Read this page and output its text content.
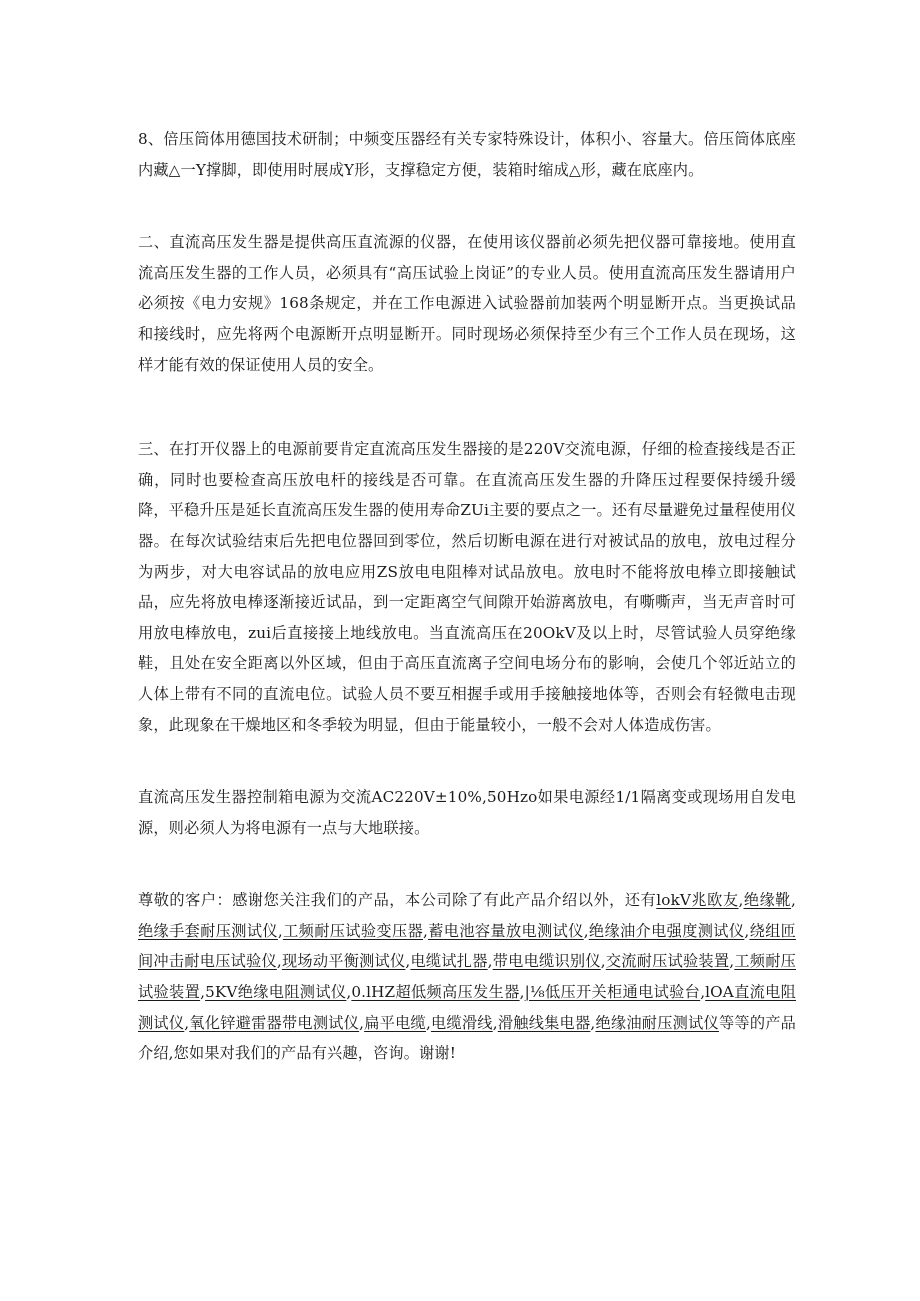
8、倍压筒体用德国技术研制；中频变压器经有关专家特殊设计，体积小、容量大。倍压筒体底座内藏△一Y撑脚，即使用时展成Y形，支撑稳定方便，装箱时缩成△形，藏在底座内。

二、直流高压发生器是提供高压直流源的仪器，在使用该仪器前必须先把仪器可靠接地。使用直流高压发生器的工作人员，必须具有“高压试验上岗证”的专业人员。使用直流高压发生器请用户必须按《电力安规》168条规定，并在工作电源进入试验器前加装两个明显断开点。当更换试品和接线时，应先将两个电源断开点明显断开。同时现场必须保持至少有三个工作人员在现场，这样才能有效的保证使用人员的安全。

三、在打开仪器上的电源前要肯定直流高压发生器接的是220V交流电源，仔细的检查接线是否正确，同时也要检查高压放电杆的接线是否可靠。在直流高压发生器的升降压过程要保持缓升缓降，平稳升压是延长直流高压发生器的使用寿命ZUi主要的要点之一。还有尽量避免过量程使用仪器。在每次试验结束后先把电位器回到零位，然后切断电源在进行对被试品的放电，放电过程分为两步，对大电容试品的放电应用ZS放电电阻棒对试品放电。放电时不能将放电棒立即接触试品，应先将放电棒逐渐接近试品，到一定距离空气间隙开始游离放电，有嘶嘶声，当无声音时可用放电棒放电，zui后直接接上地线放电。当直流高压在20OkV及以上时，尽管试验人员穿绝缘鞋，且处在安全距离以外区域，但由于高压直流离子空间电场分布的影响，会使几个邻近站立的人体上带有不同的直流电位。试验人员不要互相握手或用手接触接地体等，否则会有轻微电击现象，此现象在干燥地区和冬季较为明显，但由于能量较小，一般不会对人体造成伤害。

直流高压发生器控制箱电源为交流AC220V±10%,50Hzo如果电源经1/1隔离变或现场用自发电源，则必须人为将电源有一点与大地联接。

尊敬的客户：感谢您关注我们的产品，本公司除了有此产品介绍以外，还有lokV兆欧友,绝缘靴,绝缘手套耐压测试仪,工频耐压试验变压器,蓄电池容量放电测试仪,绝缘油介电强度测试仪,绕组匝间冲击耐电压试验仪,现场动平衡测试仪,电缆试扎器,带电电缆识别仪,交流耐压试验装置,工频耐压试验装置,5KV绝缘电阻测试仪,0.lHZ超低频高压发生器,|⅛低压开关柜通电试验台,lOA直流电阻测试仪,氧化锌避雷器带电测试仪,扁平电缆,电缆滑线,滑触线集电器,绝缘油耐压测试仪等等的产品介绍,您如果对我们的产品有兴趣，咨询。谢谢!
